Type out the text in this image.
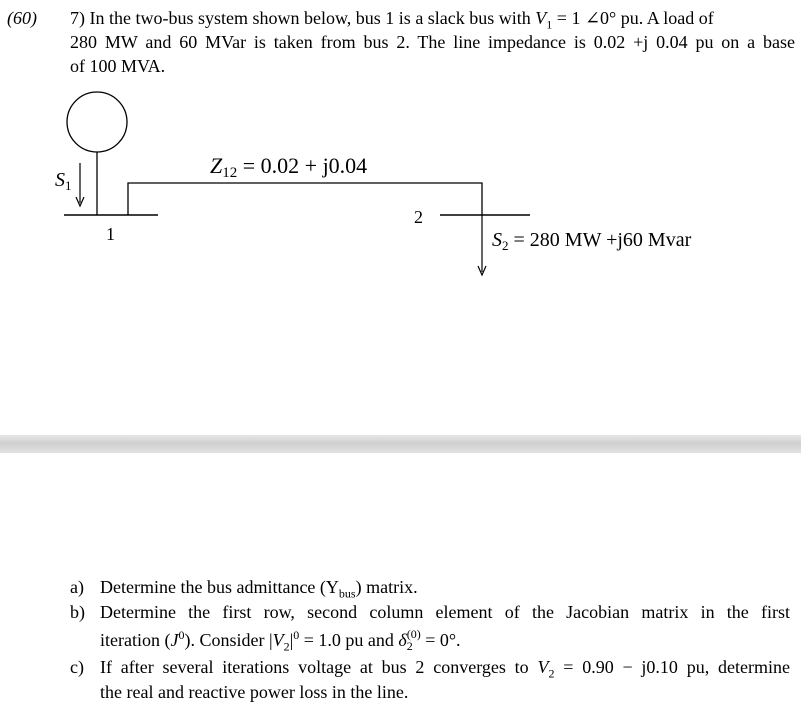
(60) 7) In the two-bus system shown below, bus 1 is a slack bus with $V_1 = 1$ ∠0° pu. A load of
280 MW and 60 MVar is taken from bus 2. The line impedance is 0.02 +j 0.04 pu on a base
of 100 MVA.
Z12 = 0.02 + j0.04
$S_1$
1
2
$S_2 = 280$ MW +j60 Mvar
a) Determine the bus admittance $(Y_{bus})$ matrix.
b) Determine the first row, second column element of the Jacobian matrix in the first
iteration $(J^0)$. Consider $|V_2|^0 = 1.0$ pu and δ (0)
2 = 0°.
c) If after several iterations voltage at bus 2 converges to $V_2 = 0.90 - j0.10$ pu, determine
the real and reactive power loss in the line.
